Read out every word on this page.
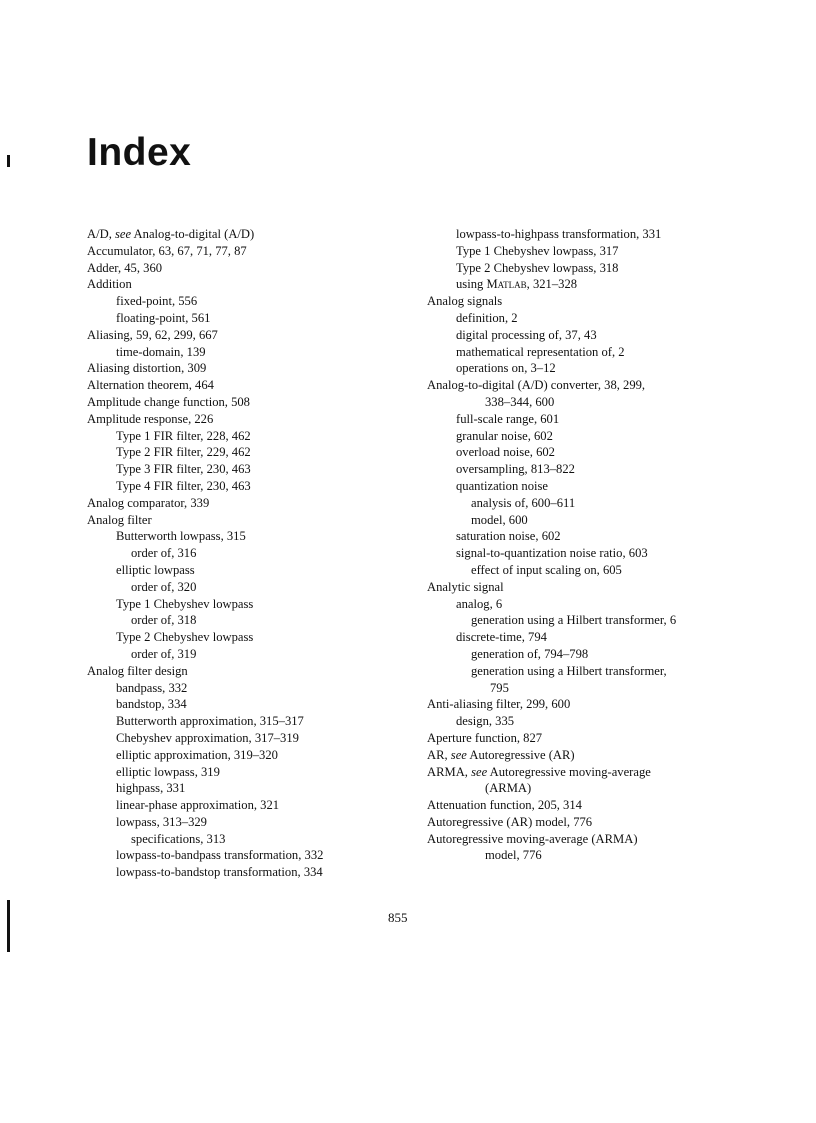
Index
A/D, see Analog-to-digital (A/D)
Accumulator, 63, 67, 71, 77, 87
Adder, 45, 360
Addition
fixed-point, 556
floating-point, 561
Aliasing, 59, 62, 299, 667
time-domain, 139
Aliasing distortion, 309
Alternation theorem, 464
Amplitude change function, 508
Amplitude response, 226
Type 1 FIR filter, 228, 462
Type 2 FIR filter, 229, 462
Type 3 FIR filter, 230, 463
Type 4 FIR filter, 230, 463
Analog comparator, 339
Analog filter
Butterworth lowpass, 315
order of, 316
elliptic lowpass
order of, 320
Type 1 Chebyshev lowpass
order of, 318
Type 2 Chebyshev lowpass
order of, 319
Analog filter design
bandpass, 332
bandstop, 334
Butterworth approximation, 315–317
Chebyshev approximation, 317–319
elliptic approximation, 319–320
elliptic lowpass, 319
highpass, 331
linear-phase approximation, 321
lowpass, 313–329
specifications, 313
lowpass-to-bandpass transformation, 332
lowpass-to-bandstop transformation, 334
lowpass-to-highpass transformation, 331
Type 1 Chebyshev lowpass, 317
Type 2 Chebyshev lowpass, 318
using Matlab, 321–328
Analog signals
definition, 2
digital processing of, 37, 43
mathematical representation of, 2
operations on, 3–12
Analog-to-digital (A/D) converter, 38, 299,
338–344, 600
full-scale range, 601
granular noise, 602
overload noise, 602
oversampling, 813–822
quantization noise
analysis of, 600–611
model, 600
saturation noise, 602
signal-to-quantization noise ratio, 603
effect of input scaling on, 605
Analytic signal
analog, 6
generation using a Hilbert transformer, 6
discrete-time, 794
generation of, 794–798
generation using a Hilbert transformer,
795
Anti-aliasing filter, 299, 600
design, 335
Aperture function, 827
AR, see Autoregressive (AR)
ARMA, see Autoregressive moving-average
(ARMA)
Attenuation function, 205, 314
Autoregressive (AR) model, 776
Autoregressive moving-average (ARMA)
model, 776
855
